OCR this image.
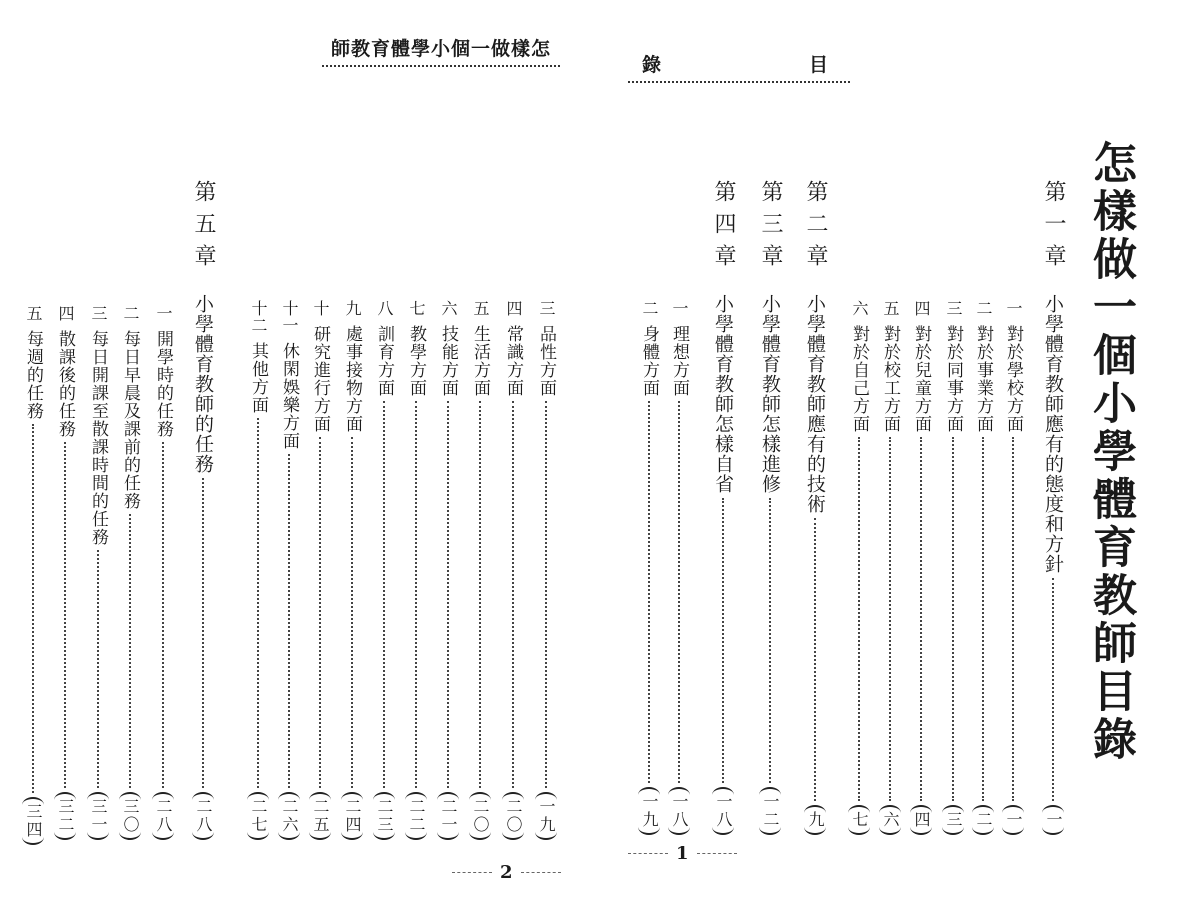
師教育體學小個一做樣怎
錄	目
怎樣做一個小學體育教師目錄
第一章
小學體育教師應有的態度和方針
一
一
對於學校方面
一
二
對於事業方面
二
三
對於同事方面
三
四
對於兒童方面
四
五
對於校工方面
六
六
對於自己方面
七
第二章
小學體育教師應有的技術
九
第三章
小學體育教師怎樣進修
一二
第四章
小學體育教師怎樣自省
一八
一
理想方面
一八
二
身體方面
一九
1
三
品性方面
一九
四
常識方面
二〇
五
生活方面
二〇
六
技能方面
二一
七
教學方面
二二
八
訓育方面
二三
九
處事接物方面
二四
十
研究進行方面
二五
十一
休閑娛樂方面
二六
十二
其他方面
二七
第五章
小學體育教師的任務
二八
一
開學時的任務
二八
二
每日早晨及課前的任務
三〇
三
每日開課至散課時間的任務
三一
四
散課後的任務
三二
五
每週的任務
三四
2
